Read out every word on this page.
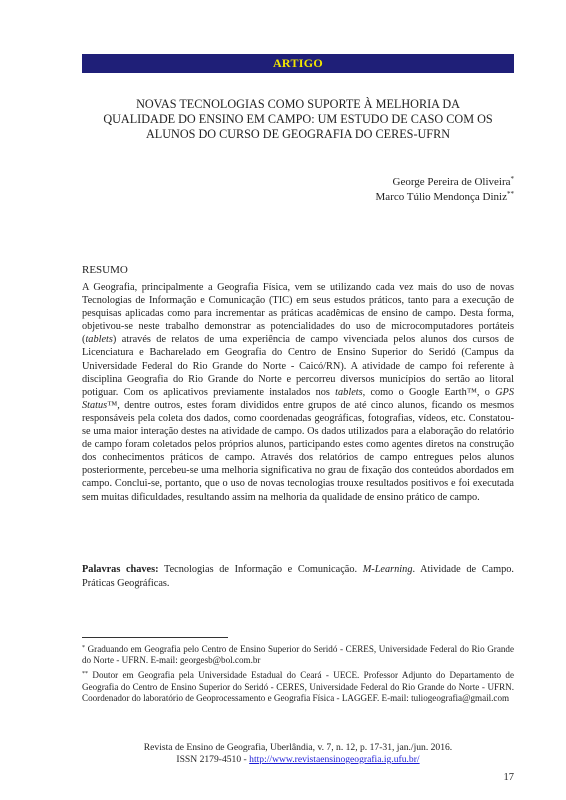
ARTIGO
NOVAS TECNOLOGIAS COMO SUPORTE À MELHORIA DA
QUALIDADE DO ENSINO EM CAMPO: UM ESTUDO DE CASO COM OS
ALUNOS DO CURSO DE GEOGRAFIA DO CERES-UFRN
George Pereira de Oliveira*
Marco Túlio Mendonça Diniz**
RESUMO
A Geografia, principalmente a Geografia Física, vem se utilizando cada vez mais do uso de novas Tecnologias de Informação e Comunicação (TIC) em seus estudos práticos, tanto para a execução de pesquisas aplicadas como para incrementar as práticas acadêmicas de ensino de campo. Desta forma, objetivou-se neste trabalho demonstrar as potencialidades do uso de microcomputadores portáteis (tablets) através de relatos de uma experiência de campo vivenciada pelos alunos dos cursos de Licenciatura e Bacharelado em Geografia do Centro de Ensino Superior do Seridó (Campus da Universidade Federal do Rio Grande do Norte - Caicó/RN). A atividade de campo foi referente à disciplina Geografia do Rio Grande do Norte e percorreu diversos municípios do sertão ao litoral potiguar. Com os aplicativos previamente instalados nos tablets, como o Google Earth™, o GPS Status™, dentre outros, estes foram divididos entre grupos de até cinco alunos, ficando os mesmos responsáveis pela coleta dos dados, como coordenadas geográficas, fotografias, vídeos, etc. Constatou-se uma maior interação destes na atividade de campo. Os dados utilizados para a elaboração do relatório de campo foram coletados pelos próprios alunos, participando estes como agentes diretos na construção dos conhecimentos práticos de campo. Através dos relatórios de campo entregues pelos alunos posteriormente, percebeu-se uma melhoria significativa no grau de fixação dos conteúdos abordados em campo. Conclui-se, portanto, que o uso de novas tecnologias trouxe resultados positivos e foi executada sem muitas dificuldades, resultando assim na melhoria da qualidade de ensino prático de campo.
Palavras chaves: Tecnologias de Informação e Comunicação. M-Learning. Atividade de Campo. Práticas Geográficas.

* Graduando em Geografia pelo Centro de Ensino Superior do Seridó - CERES, Universidade Federal do Rio Grande do Norte - UFRN. E-mail: georgesb@bol.com.br

** Doutor em Geografia pela Universidade Estadual do Ceará - UECE. Professor Adjunto do Departamento de Geografia do Centro de Ensino Superior do Seridó - CERES, Universidade Federal do Rio Grande do Norte - UFRN. Coordenador do laboratório de Geoprocessamento e Geografia Física - LAGGEF. E-mail: tuliogeografia@gmail.com

Revista de Ensino de Geografia, Uberlândia, v. 7, n. 12, p. 17-31, jan./jun. 2016.
ISSN 2179-4510 - http://www.revistaensinogeografia.ig.ufu.br/
17
